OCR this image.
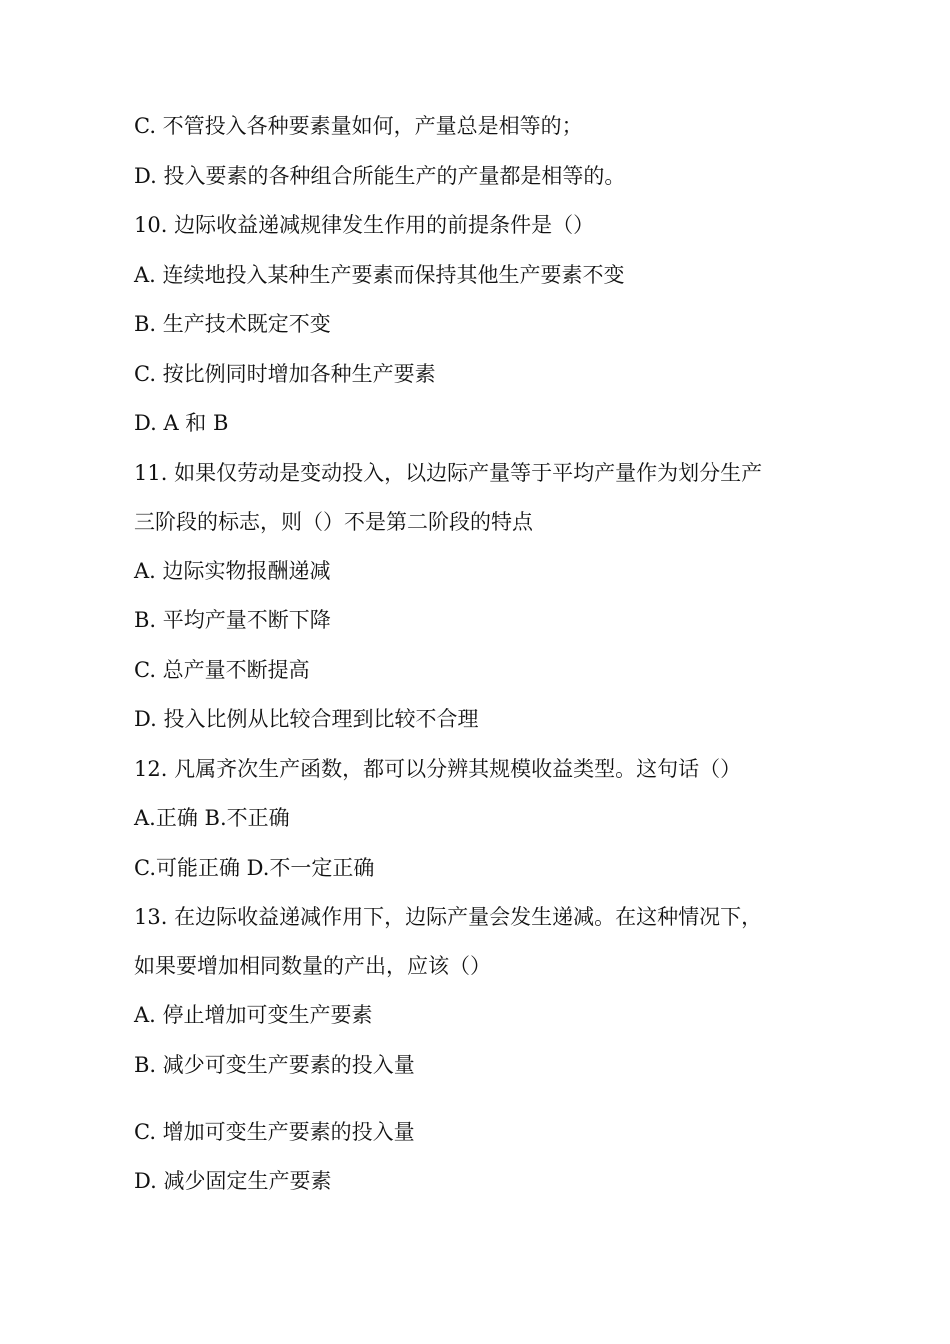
C. 不管投入各种要素量如何，产量总是相等的；
D. 投入要素的各种组合所能生产的产量都是相等的。
10. 边际收益递减规律发生作用的前提条件是（）
A. 连续地投入某种生产要素而保持其他生产要素不变
B. 生产技术既定不变
C. 按比例同时增加各种生产要素
D. A 和 B
11. 如果仅劳动是变动投入，以边际产量等于平均产量作为划分生产
三阶段的标志，则（）不是第二阶段的特点
A. 边际实物报酬递减
B. 平均产量不断下降
C. 总产量不断提高
D. 投入比例从比较合理到比较不合理
12. 凡属齐次生产函数，都可以分辨其规模收益类型。这句话（）
A.正确 B.不正确
C.可能正确 D.不一定正确
13. 在边际收益递减作用下，边际产量会发生递减。在这种情况下，
如果要增加相同数量的产出，应该（）
A. 停止增加可变生产要素
B. 减少可变生产要素的投入量
C. 增加可变生产要素的投入量
D. 减少固定生产要素
